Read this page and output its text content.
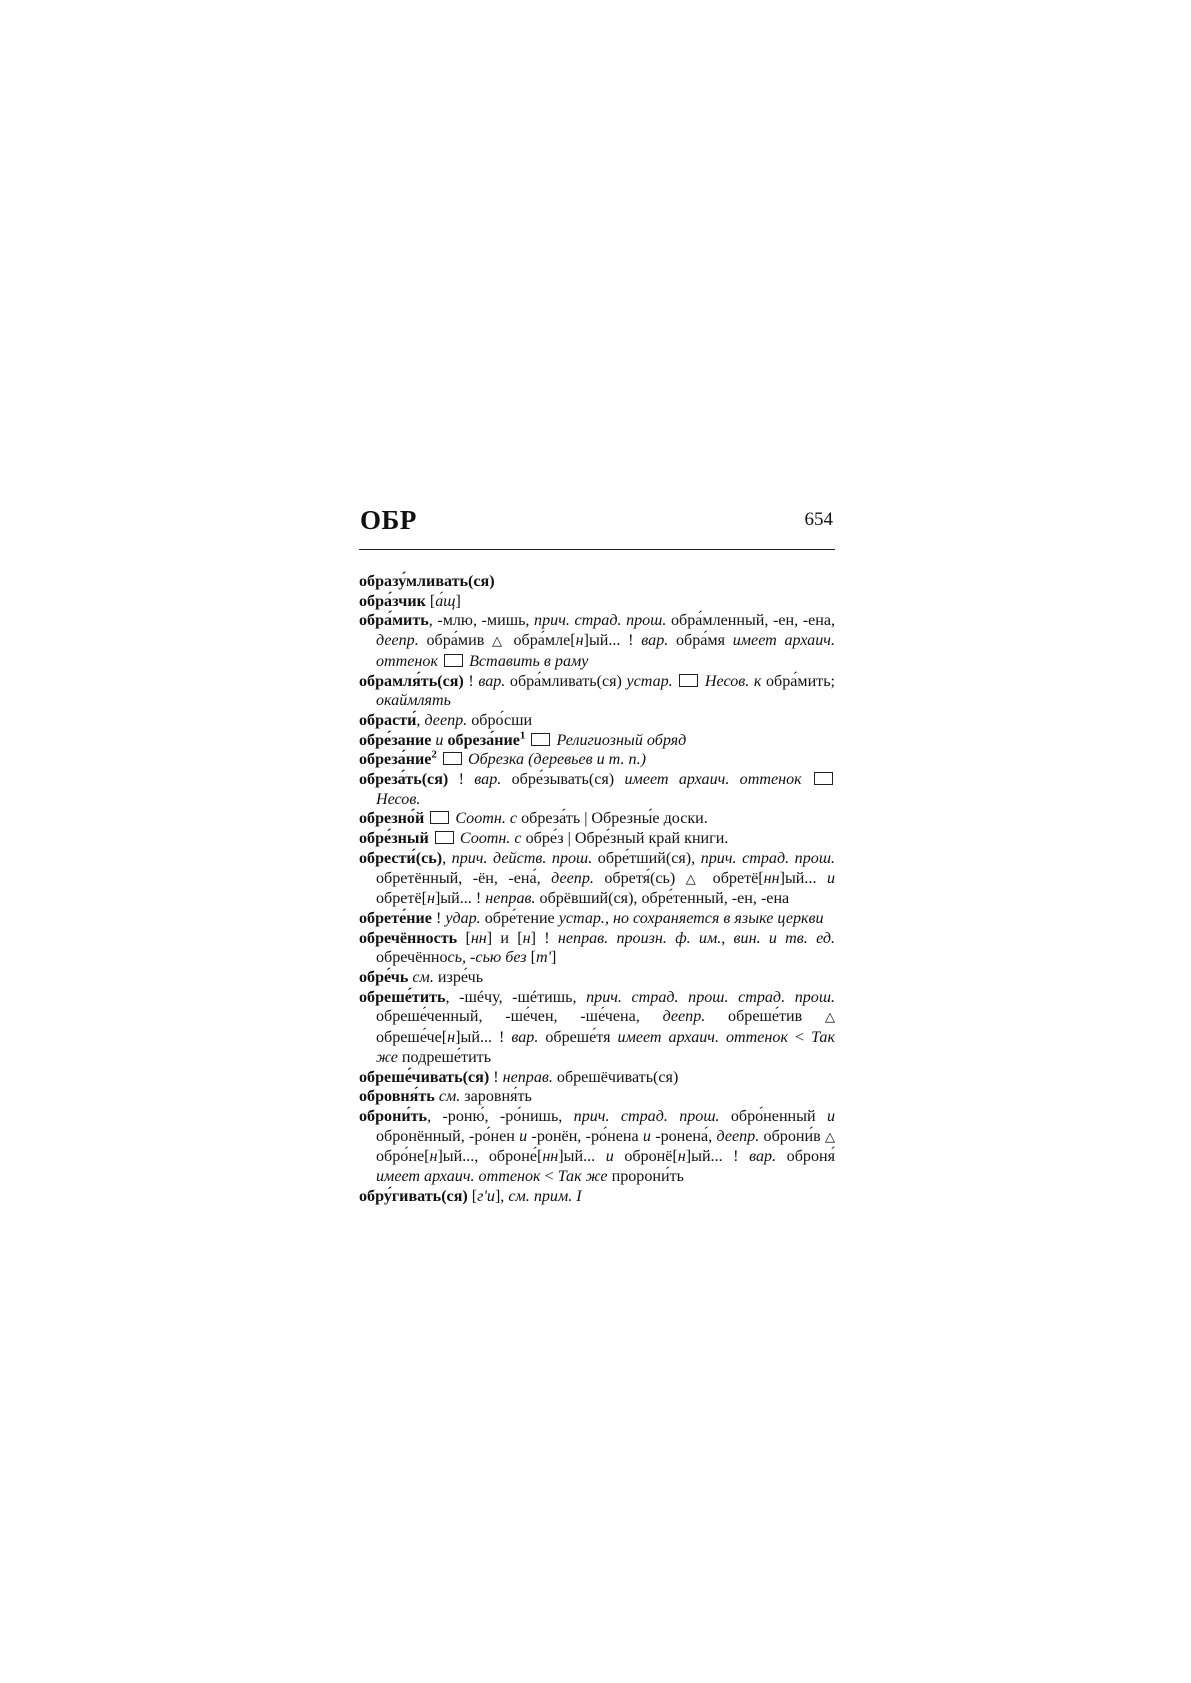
ОБР	654
образу́мливать(ся)
обра́зчик [а́щ]
обра́мить, -млю, -мишь, прич. страд. прош. обра́мленный, -ен, -ена, деепр. обра́мив △ обра́мле[н]ый... ! вар. обра́мя имеет архаич. оттенок Вставить в раму
обрамля́ть(ся) ! вар. обра́мливать(ся) устар. Несов. к обра́мить; окаймлять
обрасти́, деепр. обро́сши
обре́зание и обреза́ние$^1$ Религиозный обряд
обреза́ние$^2$ Обрезка (деревьев и т. п.)
обреза́ть(ся) ! вар. обре́зывать(ся) имеет архаич. оттенок  Несов.
обрезно́й Соотн. с обреза́ть | Обрезны́е доски.
обре́зный Соотн. с обре́з | Обре́зный край книги.
обрести́(сь), прич. действ. прош. обре́тший(ся), прич. страд. прош. обретённый, -ён, -ена́, деепр. обретя́(сь) △ обретё[нн]ый... и обретё[н]ый... ! неправ. обрёвший(ся), обре́тенный, -ен, -ена
обрете́ние ! удар. обре́тение устар., но сохраняется в языке церкви
обречённость [нн] и [н] ! неправ. произн. ф. им., вин. и тв. ед. обречённось, -сью без [т']
обре́чь см. изре́чь
обреше́тить, -шéчу, -шéтишь, прич. страд. прош. страд. прош. обреше́ченный, -ше́чен, -ше́чена, деепр. обреше́тив △ обреше́че[н]ый... ! вар. обреше́тя имеет архаич. оттенок < Так же подреше́тить
обреше́чивать(ся) ! неправ. обрешёчивать(ся)
обровня́ть см. заровня́ть
оброни́ть, -роню́, -ро́нишь, прич. страд. прош. обро́ненный и обронённый, -ро́нен и -ронён, -ро́нена и -ронена́, деепр. оброни́в △ обро́не[н]ый..., оброне́[нн]ый... и обронё[н]ый... ! вар. оброня́ имеет архаич. оттенок < Так же пророни́ть
обру́гивать(ся) [г'и], см. прим. I
